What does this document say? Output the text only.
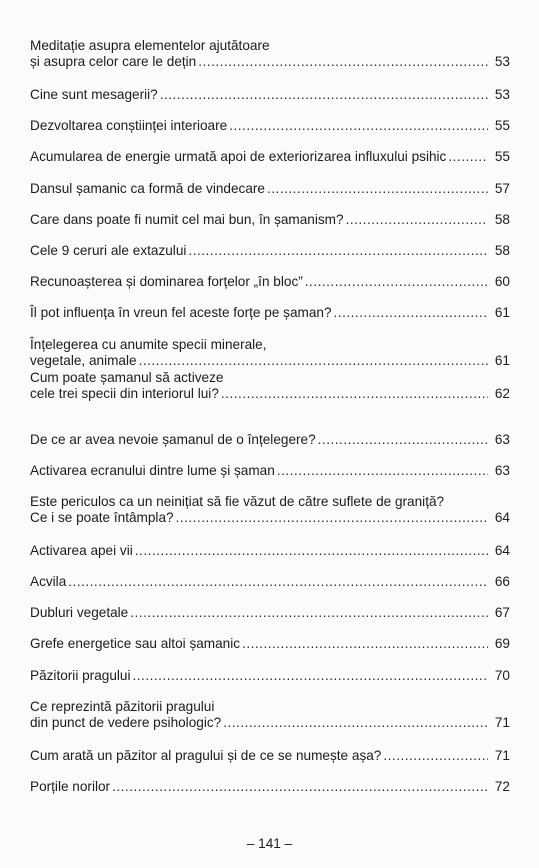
Meditație asupra elementelor ajutătoare
și asupra celor care le dețin .....	53
Cine sunt mesagerii? .....	53
Dezvoltarea conștiinței interioare .....	55
Acumularea de energie urmată apoi de exteriorizarea influxului psihic .....	55
Dansul șamanic ca formă de vindecare .....	57
Care dans poate fi numit cel mai bun, în șamanism? .....	58
Cele 9 ceruri ale extazului .....	58
Recunoașterea și dominarea forțelor „în bloc” .....	60
Îl pot influența în vreun fel aceste forțe pe șaman? .....	61
Înțelegerea cu anumite specii minerale,
vegetale, animale .....	61
Cum poate șamanul să activeze
cele trei specii din interiorul lui? .....	62
De ce ar avea nevoie șamanul de o înțelegere? .....	63
Activarea ecranului dintre lume și șaman .....	63
Este periculos ca un neinițiat să fie văzut de către suflete de graniță?
Ce i se poate întâmpla? .....	64
Activarea apei vii .....	64
Acvila .....	66
Dubluri vegetale .....	67
Grefe energetice sau altoi șamanic .....	69
Păzitorii pragului .....	70
Ce reprezintă păzitorii pragului
din punct de vedere psihologic? .....	71
Cum arată un păzitor al pragului și de ce se numește așa? .....	71
Porțile norilor .....	72
– 141 –
